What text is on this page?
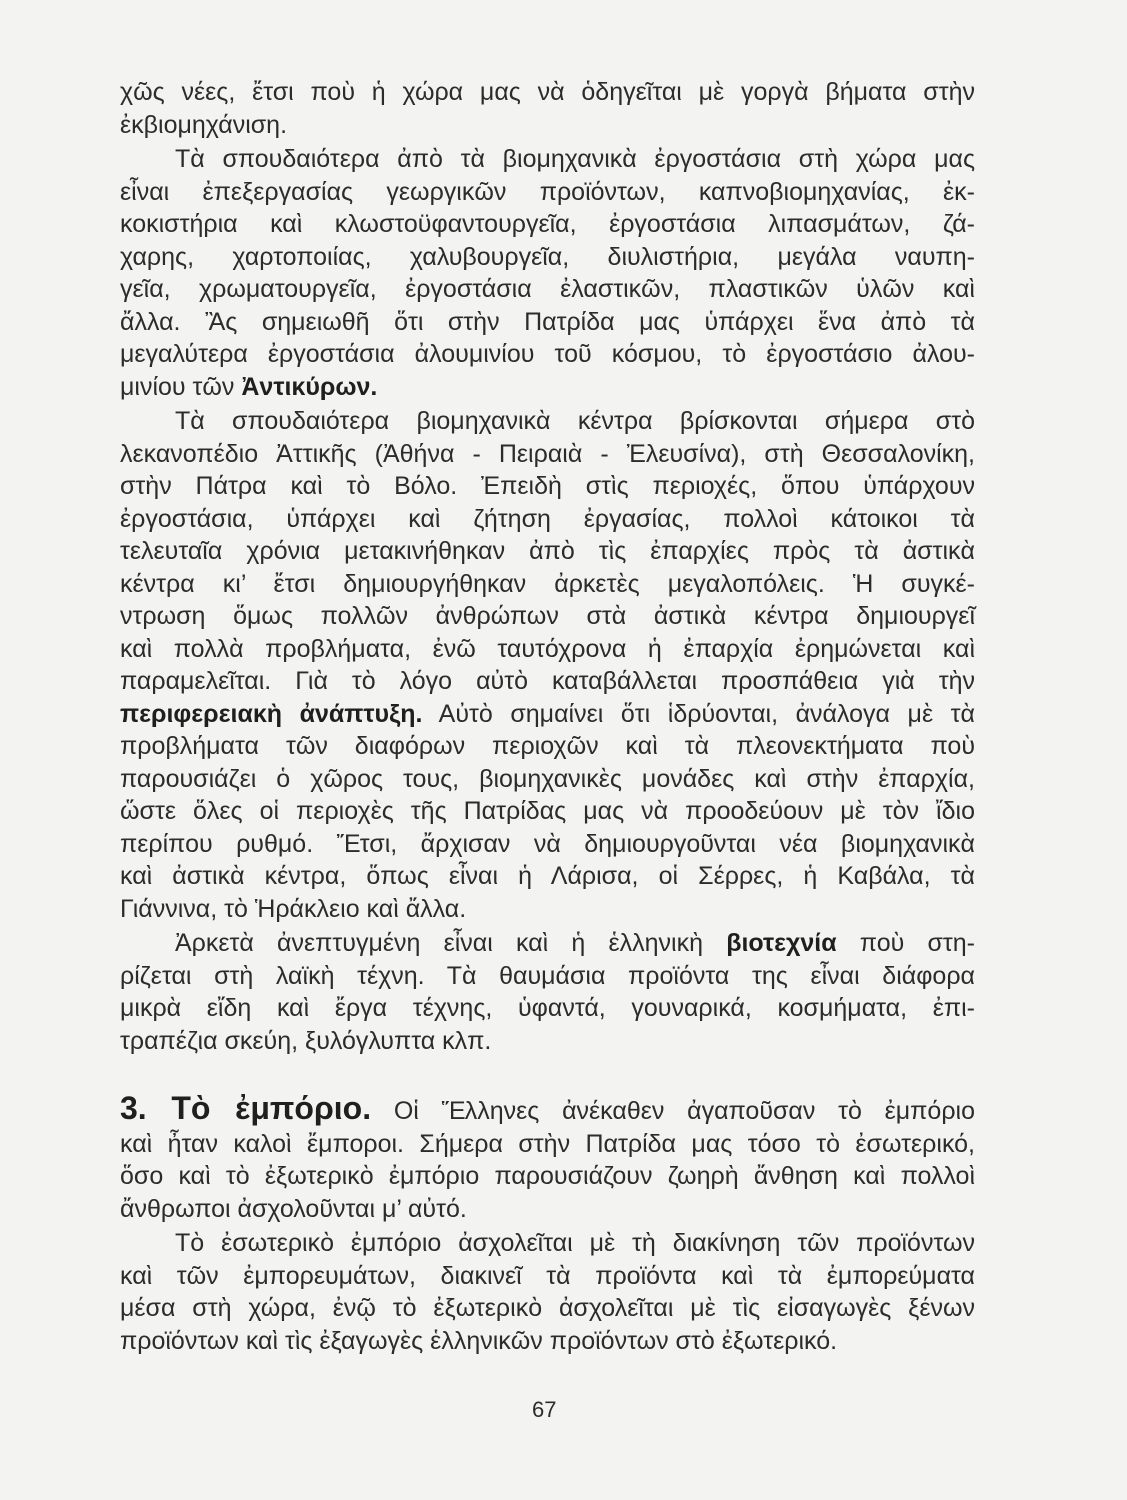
χῶς νέες, ἔτσι ποὺ ἡ χώρα μας νὰ ὁδηγεῖται μὲ γοργὰ βήματα στὴν
ἐκβιομηχάνιση.
Τὰ σπουδαιότερα ἀπὸ τὰ βιομηχανικὰ ἐργοστάσια στὴ χώρα μας
εἶναι ἐπεξεργασίας γεωργικῶν προϊόντων, καπνοβιομηχανίας, ἐκ-
κοκιστήρια καὶ κλωστοϋφαντουργεῖα, ἐργοστάσια λιπασμάτων, ζά-
χαρης, χαρτοποιίας, χαλυβουργεῖα, διυλιστήρια, μεγάλα ναυπη-
γεῖα, χρωματουργεῖα, ἐργοστάσια ἐλαστικῶν, πλαστικῶν ὑλῶν καὶ
ἄλλα. Ἂς σημειωθῆ ὅτι στὴν Πατρίδα μας ὑπάρχει ἕνα ἀπὸ τὰ
μεγαλύτερα ἐργοστάσια ἀλουμινίου τοῦ κόσμου, τὸ ἐργοστάσιο ἀλου-
μινίου τῶν Ἀντικύρων.
Τὰ σπουδαιότερα βιομηχανικὰ κέντρα βρίσκονται σήμερα στὸ
λεκανοπέδιο Ἀττικῆς (Ἀθήνα - Πειραιὰ - Ἐλευσίνα), στὴ Θεσσαλονίκη,
στὴν Πάτρα καὶ τὸ Βόλο. Ἐπειδὴ στὶς περιοχές, ὅπου ὑπάρχουν
ἐργοστάσια, ὑπάρχει καὶ ζήτηση ἐργασίας, πολλοὶ κάτοικοι τὰ
τελευταῖα χρόνια μετακινήθηκαν ἀπὸ τὶς ἐπαρχίες πρὸς τὰ ἀστικὰ
κέντρα κι’ ἔτσι δημιουργήθηκαν ἀρκετὲς μεγαλοπόλεις. Ἡ συγκέ-
ντρωση ὅμως πολλῶν ἀνθρώπων στὰ ἀστικὰ κέντρα δημιουργεῖ
καὶ πολλὰ προβλήματα, ἐνῶ ταυτόχρονα ἡ ἐπαρχία ἐρημώνεται καὶ
παραμελεῖται. Γιὰ τὸ λόγο αὐτὸ καταβάλλεται προσπάθεια γιὰ τὴν
περιφερειακὴ ἀνάπτυξη. Αὐτὸ σημαίνει ὅτι ἱδρύονται, ἀνάλογα μὲ τὰ
προβλήματα τῶν διαφόρων περιοχῶν καὶ τὰ πλεονεκτήματα ποὺ
παρουσιάζει ὁ χῶρος τους, βιομηχανικὲς μονάδες καὶ στὴν ἐπαρχία,
ὥστε ὅλες οἱ περιοχὲς τῆς Πατρίδας μας νὰ προοδεύουν μὲ τὸν ἴδιο
περίπου ρυθμό. Ἔτσι, ἄρχισαν νὰ δημιουργοῦνται νέα βιομηχανικὰ
καὶ ἀστικὰ κέντρα, ὅπως εἶναι ἡ Λάρισα, οἱ Σέρρες, ἡ Καβάλα, τὰ
Γιάννινα, τὸ Ἡράκλειο καὶ ἄλλα.
Ἀρκετὰ ἀνεπτυγμένη εἶναι καὶ ἡ ἑλληνικὴ βιοτεχνία ποὺ στη-
ρίζεται στὴ λαϊκὴ τέχνη. Τὰ θαυμάσια προϊόντα της εἶναι διάφορα
μικρὰ εἴδη καὶ ἔργα τέχνης, ὑφαντά, γουναρικά, κοσμήματα, ἐπι-
τραπέζια σκεύη, ξυλόγλυπτα κλπ.
3. Τὸ ἐμπόριο. Οἱ Ἕλληνες ἀνέκαθεν ἀγαποῦσαν τὸ ἐμπόριο
καὶ ἦταν καλοὶ ἔμποροι. Σήμερα στὴν Πατρίδα μας τόσο τὸ ἐσωτερικό,
ὅσο καὶ τὸ ἐξωτερικὸ ἐμπόριο παρουσιάζουν ζωηρὴ ἄνθηση καὶ πολλοὶ
ἄνθρωποι ἀσχολοῦνται μ’ αὐτό.
Τὸ ἐσωτερικὸ ἐμπόριο ἀσχολεῖται μὲ τὴ διακίνηση τῶν προϊόντων
καὶ τῶν ἐμπορευμάτων, διακινεῖ τὰ προϊόντα καὶ τὰ ἐμπορεύματα
μέσα στὴ χώρα, ἐνῷ τὸ ἐξωτερικὸ ἀσχολεῖται μὲ τὶς εἰσαγωγὲς ξένων
προϊόντων καὶ τὶς ἐξαγωγὲς ἑλληνικῶν προϊόντων στὸ ἐξωτερικό.
67
